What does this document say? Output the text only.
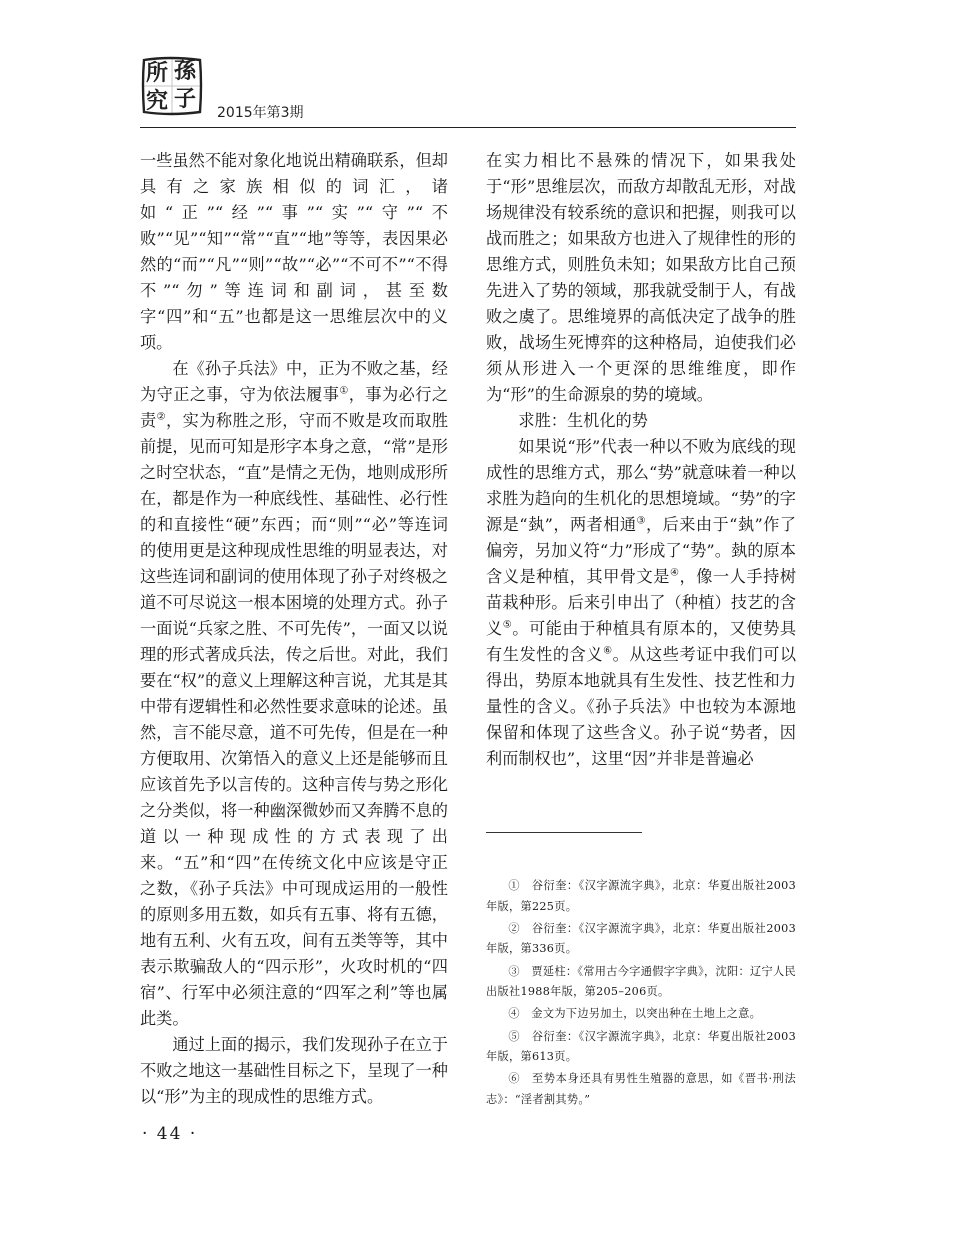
所 孫
究 子
2015年第3期

一些虽然不能对象化地说出精确联系，但却具有之家族相似的词汇，诸如“正”“经”“事”“实”“守”“不败”“见”“知”“常”“直”“地”等等，表因果必然的“而”“凡”“则”“故”“必”“不可不”“不得不”“勿”等连词和副词，甚至数字“四”和“五”也都是这一思维层次中的义项。

在《孙子兵法》中，正为不败之基，经为守正之事，守为依法履事①，事为必行之责②，实为称胜之形，守而不败是攻而取胜前提，见而可知是形字本身之意，“常”是形之时空状态，“直”是情之无伪，地则成形所在，都是作为一种底线性、基础性、必行性的和直接性“硬”东西；而“则”“必”等连词的使用更是这种现成性思维的明显表达，对这些连词和副词的使用体现了孙子对终极之道不可尽说这一根本困境的处理方式。孙子一面说“兵家之胜、不可先传”，一面又以说理的形式著成兵法，传之后世。对此，我们要在“权”的意义上理解这种言说，尤其是其中带有逻辑性和必然性要求意味的论述。虽然，言不能尽意，道不可先传，但是在一种方便取用、次第悟入的意义上还是能够而且应该首先予以言传的。这种言传与势之形化之分类似，将一种幽深微妙而又奔腾不息的道以一种现成性的方式表现了出来。“五”和“四”在传统文化中应该是守正之数，《孙子兵法》中可现成运用的一般性的原则多用五数，如兵有五事、将有五德，地有五利、火有五攻，间有五类等等，其中表示欺骗敌人的“四示形”，火攻时机的“四宿”、行军中必须注意的“四军之利”等也属此类。

通过上面的揭示，我们发现孙子在立于不败之地这一基础性目标之下，呈现了一种以“形”为主的现成性的思维方式。

在实力相比不悬殊的情况下，如果我处于“形”思维层次，而敌方却散乱无形，对战场规律没有较系统的意识和把握，则我可以战而胜之；如果敌方也进入了规律性的形的思维方式，则胜负未知；如果敌方比自己预先进入了势的领域，那我就受制于人，有战败之虞了。思维境界的高低决定了战争的胜败，战场生死博弈的这种格局，迫使我们必须从形进入一个更深的思维维度，即作为“形”的生命源泉的势的境域。

求胜：生机化的势

如果说“形”代表一种以不败为底线的现成性的思维方式，那么“势”就意味着一种以求胜为趋向的生机化的思想境域。“势”的字源是“埶”，两者相通③，后来由于“埶”作了偏旁，另加义符“力”形成了“势”。埶的原本含义是种植，其甲骨文是④，像一人手持树苗栽种形。后来引申出了（种植）技艺的含义⑤。可能由于种植具有原本的，又使势具有生发性的含义⑥。从这些考证中我们可以得出，势原本地就具有生发性、技艺性和力量性的含义。《孙子兵法》中也较为本源地保留和体现了这些含义。孙子说“势者，因利而制权也”，这里“因”并非是普遍必

①　谷衍奎：《汉字源流字典》，北京：华夏出版社2003年版，第225页。

②　谷衍奎：《汉字源流字典》，北京：华夏出版社2003年版，第336页。

③　贾延柱：《常用古今字通假字字典》，沈阳：辽宁人民出版社1988年版，第205–206页。

④　金文为下边另加土，以突出种在土地上之意。

⑤　谷衍奎：《汉字源流字典》，北京：华夏出版社2003年版，第613页。

⑥　至势本身还具有男性生殖器的意思，如《晋书·刑法志》：“淫者割其势。”

· 44 ·
